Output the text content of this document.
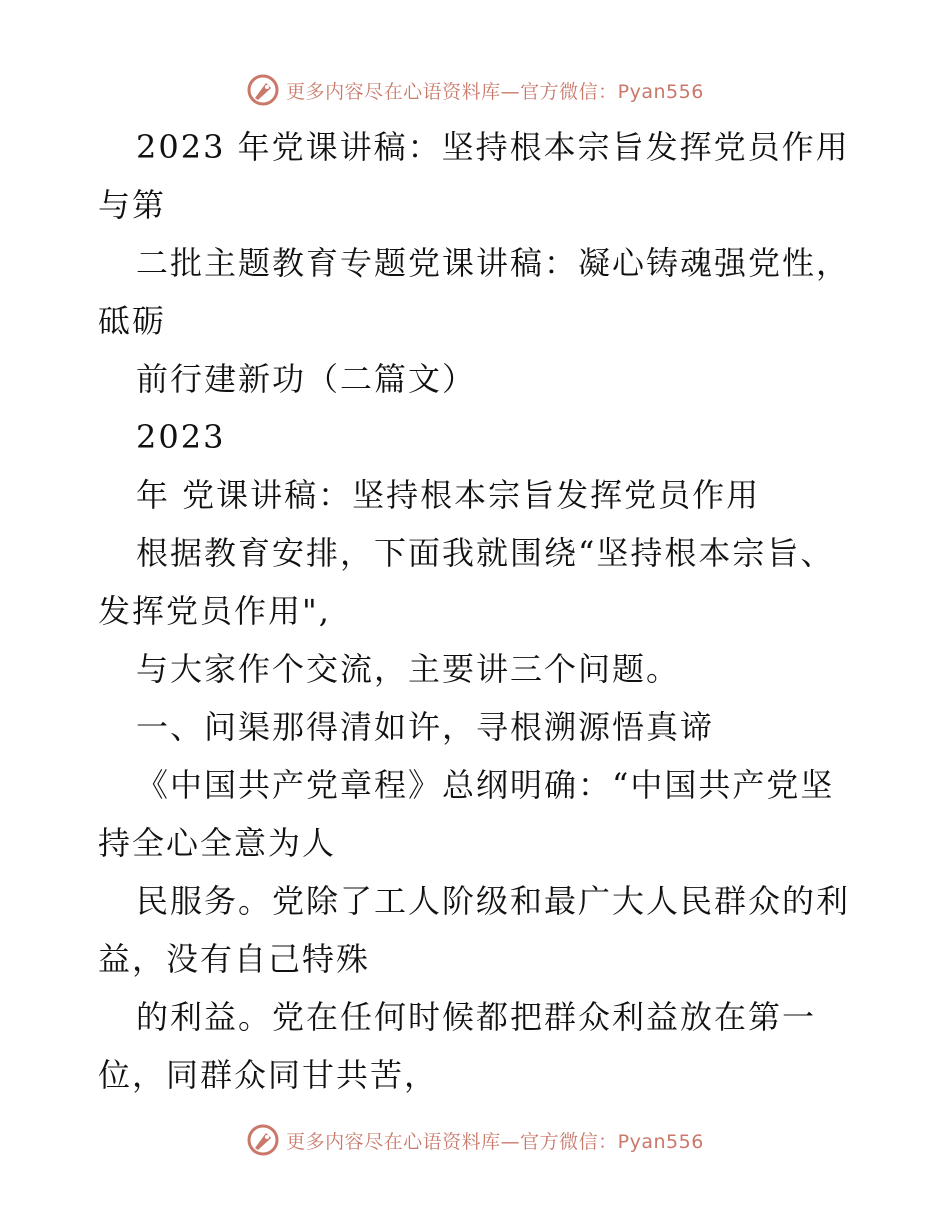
更多内容尽在心语资料库—官方微信：Pyan556
2023 年党课讲稿：坚持根本宗旨发挥党员作用
与第
二批主题教育专题党课讲稿：凝心铸魂强党性，
砥砺
前行建新功（二篇文）
2023
年 党课讲稿：坚持根本宗旨发挥党员作用
根据教育安排，下面我就围绕“坚持根本宗旨、
发挥党员作用",
与大家作个交流，主要讲三个问题。
一、问渠那得清如许，寻根溯源悟真谛
《中国共产党章程》总纲明确：“中国共产党坚
持全心全意为人
民服务。党除了工人阶级和最广大人民群众的利
益，没有自己特殊
的利益。党在任何时候都把群众利益放在第一
位，同群众同甘共苦，
更多内容尽在心语资料库—官方微信：Pyan556
